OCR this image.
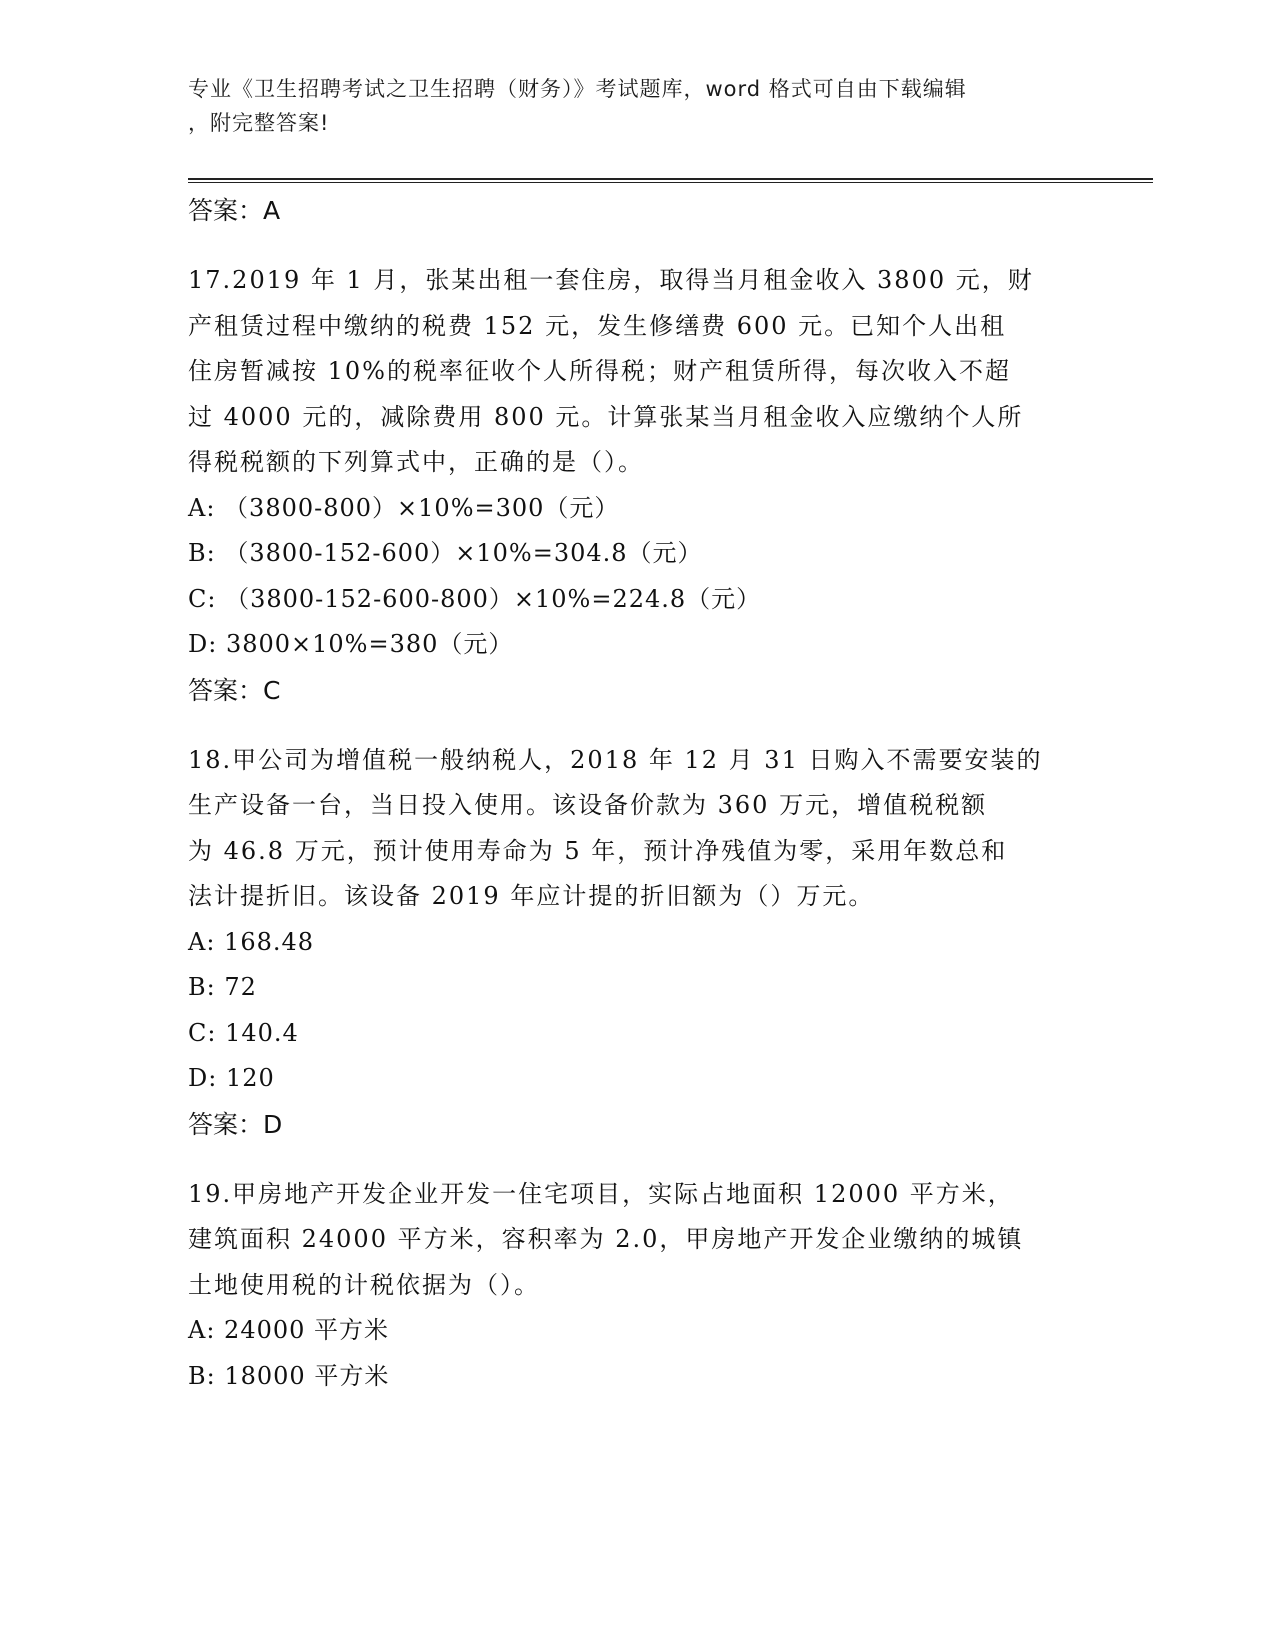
专业《卫生招聘考试之卫生招聘（财务）》考试题库，word 格式可自由下载编辑
，附完整答案!

答案：A

17.2019 年 1 月，张某出租一套住房，取得当月租金收入 3800 元，财

产租赁过程中缴纳的税费 152 元，发生修缮费 600 元。已知个人出租

住房暂减按 10%的税率征收个人所得税；财产租赁所得，每次收入不超

过 4000 元的，减除费用 800 元。计算张某当月租金收入应缴纳个人所

得税税额的下列算式中，正确的是（）。

A: （3800-800）×10%=300（元）

B: （3800-152-600）×10%=304.8（元）

C: （3800-152-600-800）×10%=224.8（元）

D: 3800×10%=380（元）

答案：C

18.甲公司为增值税一般纳税人，2018 年 12 月 31 日购入不需要安装的

生产设备一台，当日投入使用。该设备价款为 360 万元，增值税税额

为 46.8 万元，预计使用寿命为 5 年，预计净残值为零，采用年数总和

法计提折旧。该设备 2019 年应计提的折旧额为（）万元。

A: 168.48

B: 72

C: 140.4

D: 120

答案：D

19.甲房地产开发企业开发一住宅项目，实际占地面积 12000 平方米，

建筑面积 24000 平方米，容积率为 2.0，甲房地产开发企业缴纳的城镇

土地使用税的计税依据为（）。

A: 24000 平方米

B: 18000 平方米
